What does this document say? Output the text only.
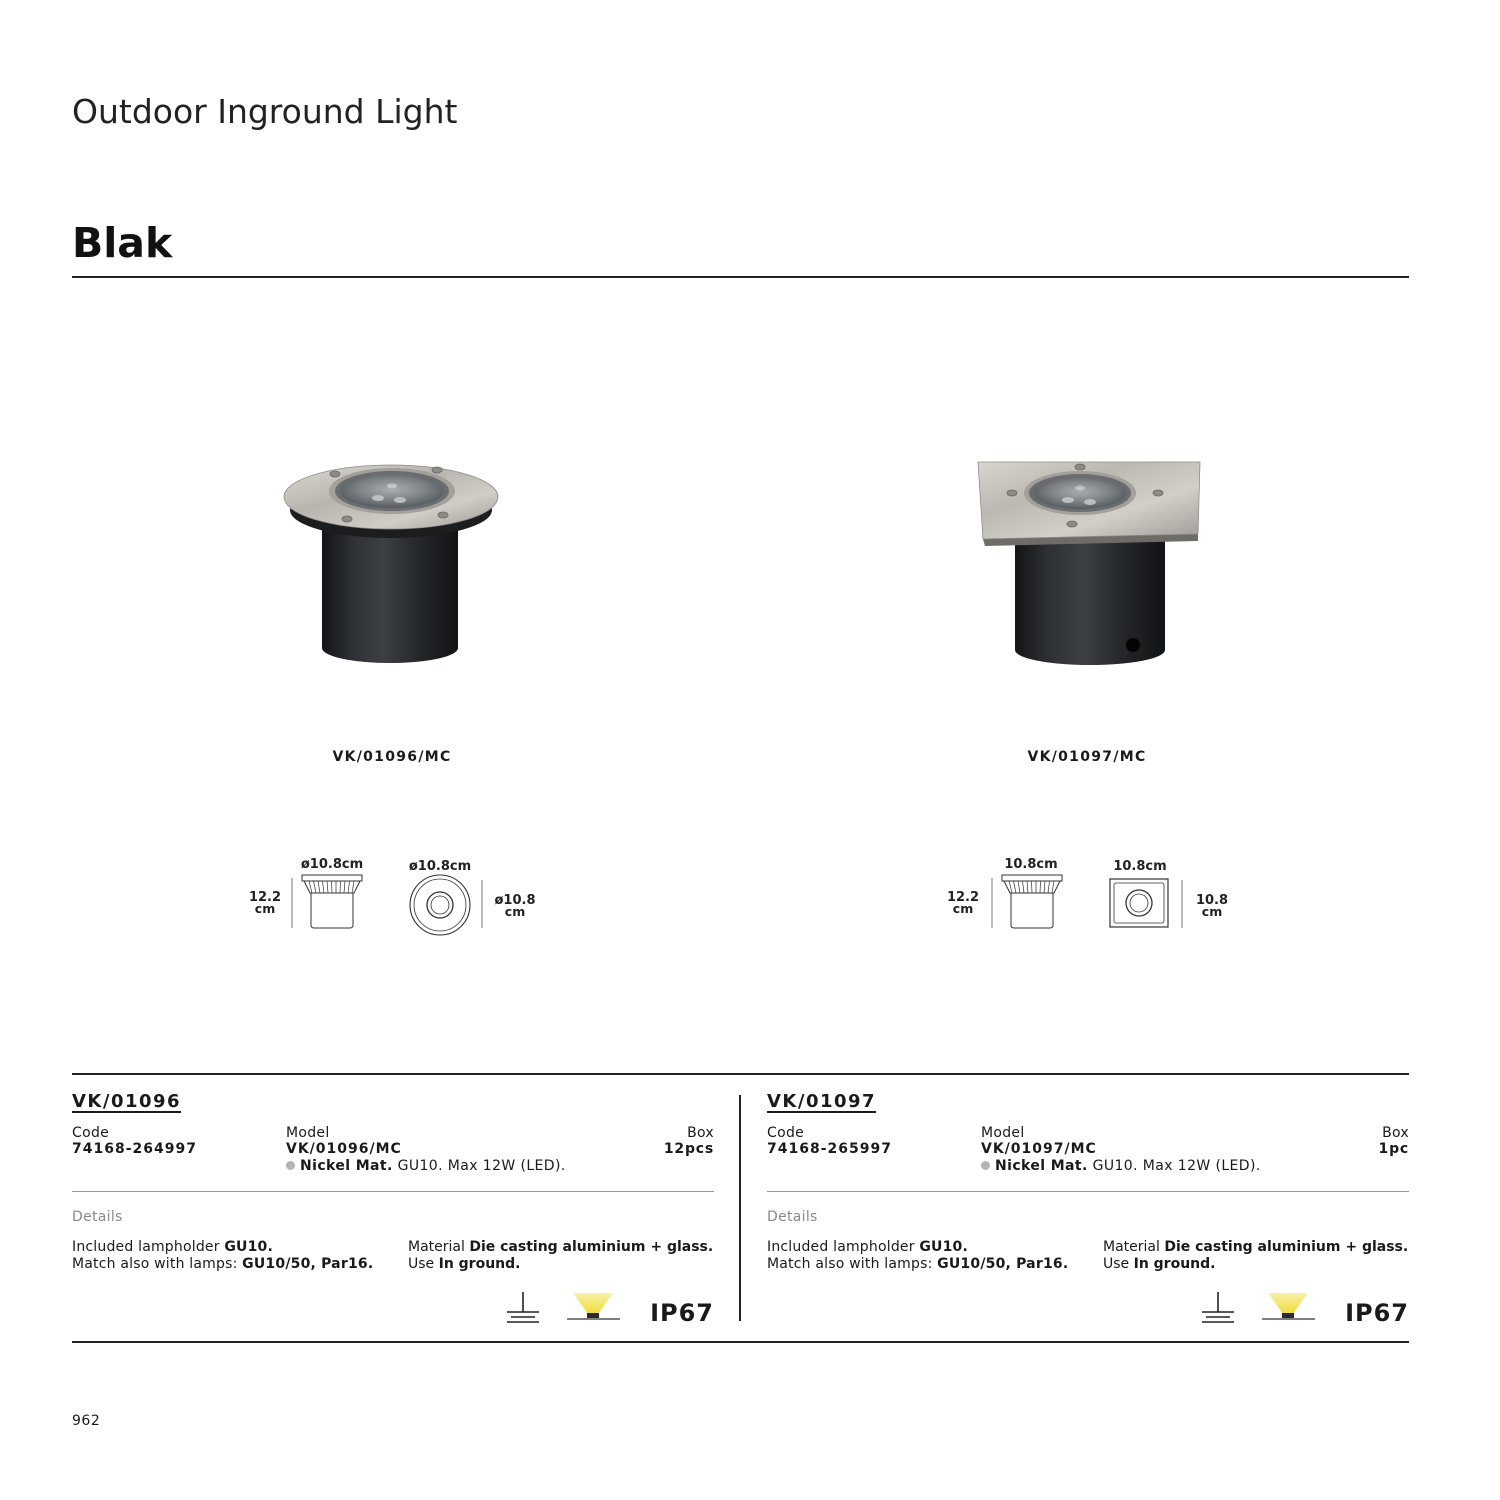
Outdoor Inground Light
Blak
VK/01096/MC	VK/01097/MC
ø10.8cm
12.2
cm
ø10.8cm
ø10.8
cm
10.8cm
12.2
cm
10.8cm
10.8
cm
VK/01096
Code
74168-264997
Model
VK/01096/MC
Nickel Mat. GU10. Max 12W (LED).
Box
12pcs
Details
Included lampholder GU10.
Match also with lamps: GU10/50, Par16.
Material Die casting aluminium + glass.
Use In ground.
IP67
VK/01097
Code
74168-265997
Model
VK/01097/MC
Nickel Mat. GU10. Max 12W (LED).
Box
1pc
Details
Included lampholder GU10.
Match also with lamps: GU10/50, Par16.
Material Die casting aluminium + glass.
Use In ground.
IP67
962
